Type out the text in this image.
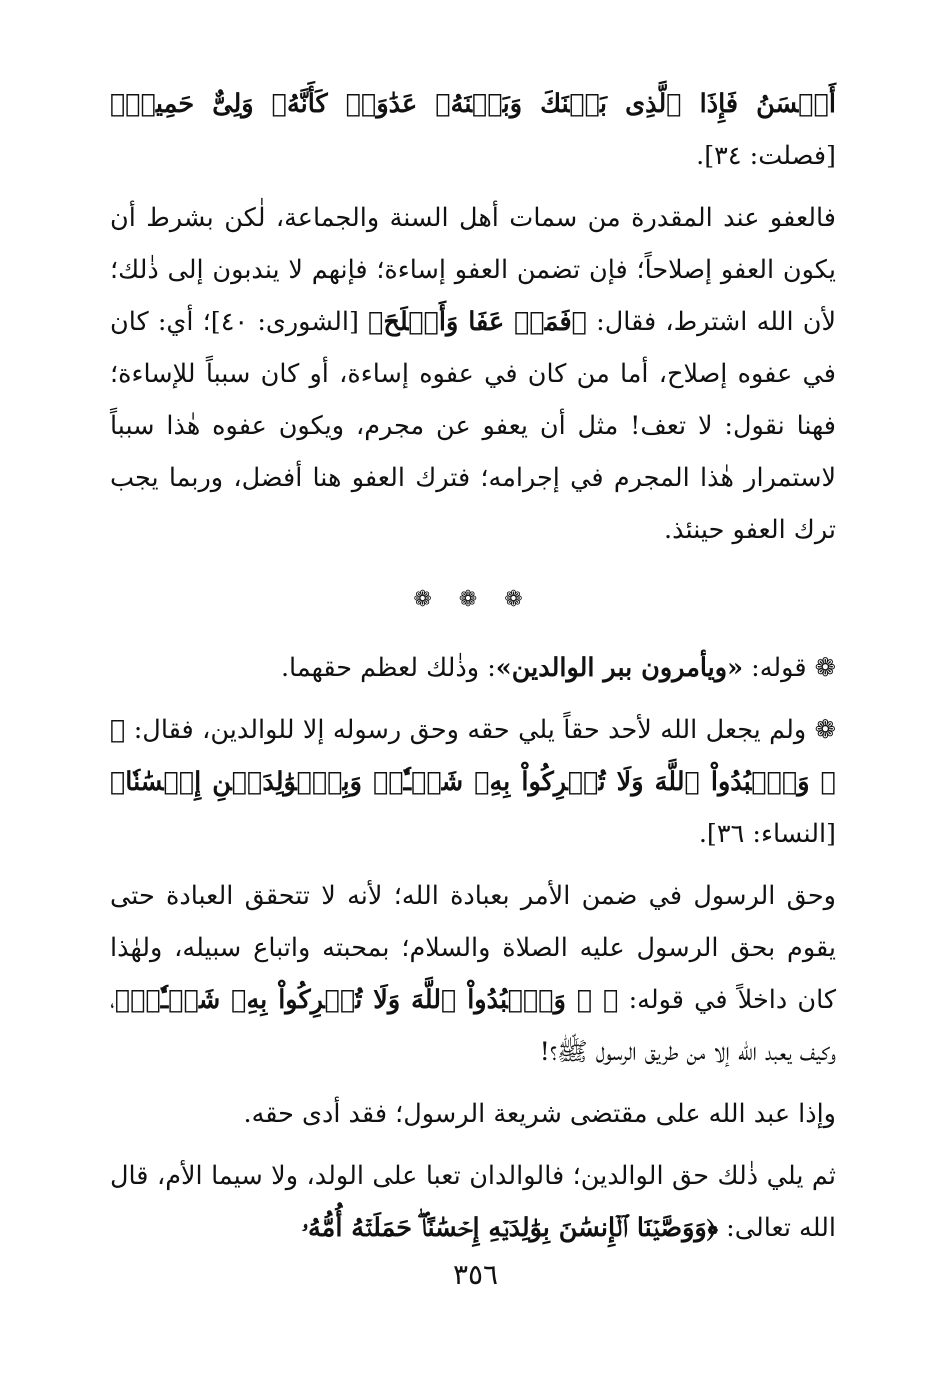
أَحۡسَنُ فَإِذَا ٱلَّذِى بَيۡنَكَ وَبَيۡنَهُۥ عَدَٰوَةٞ كَأَنَّهُۥ وَلِىٌّ حَمِيمٞ﴾ [فصلت: ٣٤].

فالعفو عند المقدرة من سمات أهل السنة والجماعة، لٰكن بشرط أن يكون العفو إصلاحاً؛ فإن تضمن العفو إساءة؛ فإنهم لا يندبون إلى ذٰلك؛ لأن الله اشترط، فقال: ﴿فَمَنۡ عَفَا وَأَصۡلَحَ﴾ [الشورى: ٤٠]؛ أي: كان في عفوه إصلاح، أما من كان في عفوه إساءة، أو كان سبباً للإساءة؛ فهنا نقول: لا تعف! مثل أن يعفو عن مجرم، ويكون عفوه هٰذا سبباً لاستمرار هٰذا المجرم في إجرامه؛ فترك العفو هنا أفضل، وربما يجب ترك العفو حينئذ.

❁ ❁ ❁

❁ قوله: «ويأمرون ببر الوالدين»: وذٰلك لعظم حقهما.

❁ ولم يجعل الله لأحد حقاً يلي حقه وحق رسوله إلا للوالدين، فقال: ﴿ ۞ وَٱعۡبُدُواْ ٱللَّهَ وَلَا تُشۡرِكُواْ بِهِۦ شَيۡـٔٗاۖ وَبِٱلۡوَٰلِدَيۡنِ إِحۡسَٰنٗا﴾ [النساء: ٣٦].

وحق الرسول في ضمن الأمر بعبادة الله؛ لأنه لا تتحقق العبادة حتى يقوم بحق الرسول عليه الصلاة والسلام؛ بمحبته واتباع سبيله، ولهٰذا كان داخلاً في قوله: ﴿ ۞ وَٱعۡبُدُواْ ٱللَّهَ وَلَا تُشۡرِكُواْ بِهِۦ شَيۡـٔٗاۖ﴾، وكيف يعبد الله إلا من طريق الرسول ﷺ؟!

وإذا عبد الله على مقتضى شريعة الرسول؛ فقد أدى حقه.

ثم يلي ذٰلك حق الوالدين؛ فالوالدان تعبا على الولد، ولا سيما الأم، قال الله تعالى: ﴿وَوَصَّيۡنَا ٱلۡإِنسَٰنَ بِوَٰلِدَيۡهِ إِحۡسَٰنًاۖ حَمَلَتۡهُ أُمُّهُۥ

٣٥٦
